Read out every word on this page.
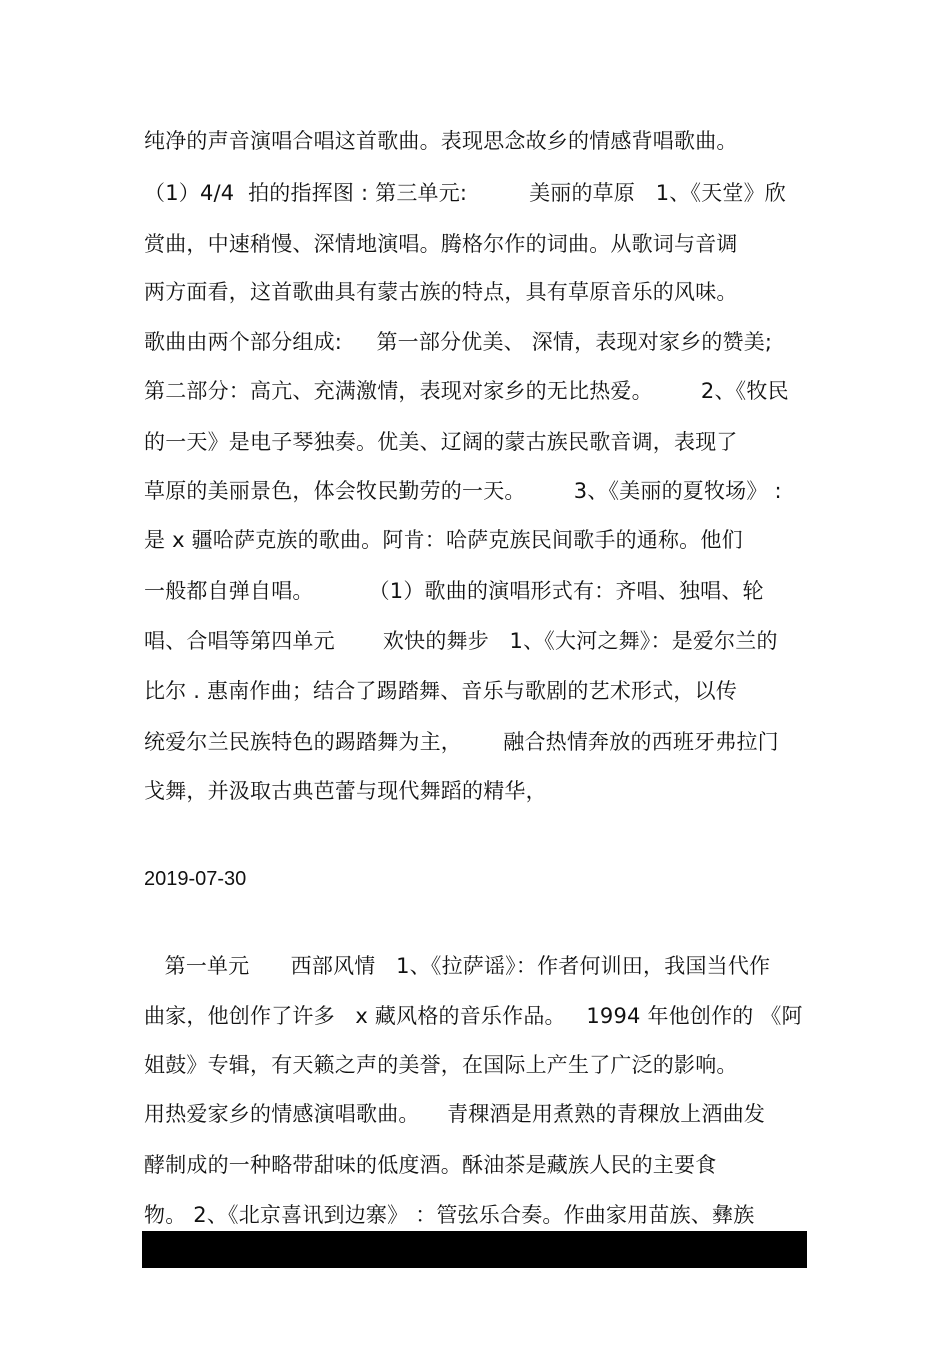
纯净的声音演唱合唱这首歌曲。表现思念故乡的情感背唱歌曲。
（1）4/4  拍的指挥图 : 第三单元:         美丽的草原   1、《天堂》欣
赏曲，中速稍慢、深情地演唱。腾格尔作的词曲。从歌词与音调
两方面看，这首歌曲具有蒙古族的特点，具有草原音乐的风味。
歌曲由两个部分组成:     第一部分优美、 深情，表现对家乡的赞美;
第二部分：高亢、充满激情，表现对家乡的无比热爱。       2、《牧民
的一天》是电子琴独奏。优美、辽阔的蒙古族民歌音调，表现了
草原的美丽景色，体会牧民勤劳的一天。       3、《美丽的夏牧场》 :
是 x 疆哈萨克族的歌曲。阿肯：哈萨克族民间歌手的通称。他们
一般都自弹自唱。        （1）歌曲的演唱形式有：齐唱、独唱、轮
唱、合唱等第四单元       欢快的舞步   1、《大河之舞》：是爱尔兰的
比尔 . 惠南作曲；结合了踢踏舞、音乐与歌剧的艺术形式，以传
统爱尔兰民族特色的踢踏舞为主，      融合热情奔放的西班牙弗拉门
戈舞，并汲取古典芭蕾与现代舞蹈的精华，
2019-07-30
第一单元      西部风情   1、《拉萨谣》：作者何训田，我国当代作
曲家，他创作了许多   x 藏风格的音乐作品。   1994 年他创作的 《阿
姐鼓》专辑，有天籁之声的美誉，在国际上产生了广泛的影响。
用热爱家乡的情感演唱歌曲。    青稞酒是用煮熟的青稞放上酒曲发
酵制成的一种略带甜味的低度酒。酥油茶是藏族人民的主要食
物。 2、《北京喜讯到边寨》 ：管弦乐合奏。作曲家用苗族、彝族
